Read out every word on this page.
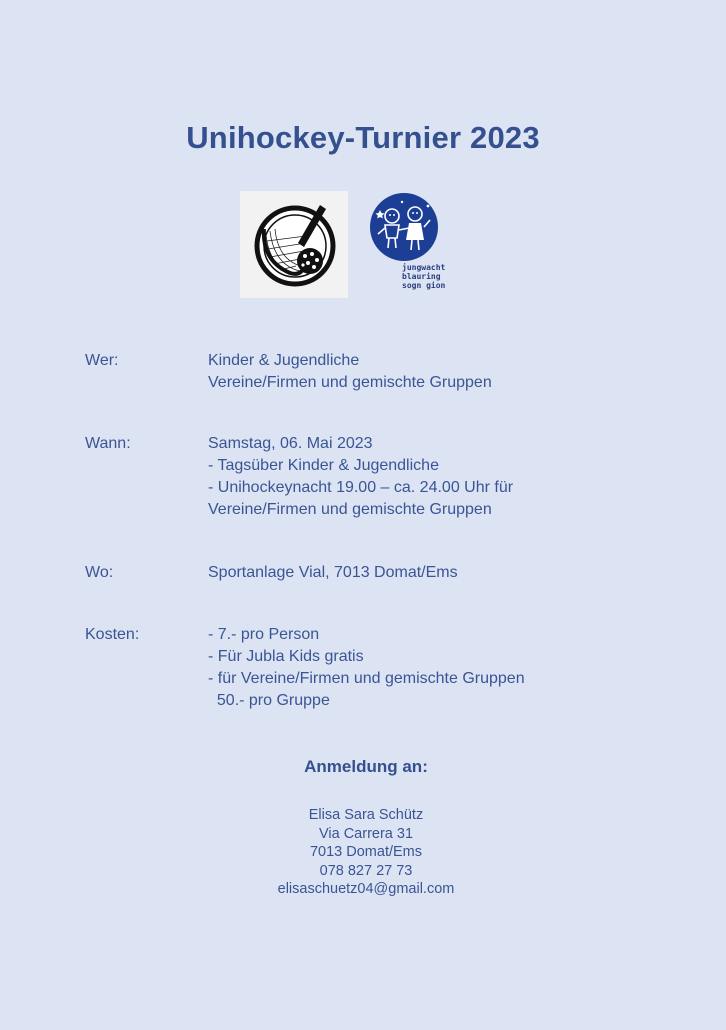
Unihockey-Turnier 2023
jungwacht
blauring
sogn gion
Wer:	Kinder & Jugendliche
Vereine/Firmen und gemischte Gruppen
Wann:	Samstag, 06. Mai 2023
- Tagsüber Kinder & Jugendliche
- Unihockeynacht 19.00 – ca. 24.00 Uhr für
Vereine/Firmen und gemischte Gruppen
Wo:	Sportanlage Vial, 7013 Domat/Ems
Kosten:	- 7.- pro Person
- Für Jubla Kids gratis
- für Vereine/Firmen und gemischte Gruppen
50.- pro Gruppe
Anmeldung an:
Elisa Sara Schütz
Via Carrera 31
7013 Domat/Ems
078 827 27 73
elisaschuetz04@gmail.com
